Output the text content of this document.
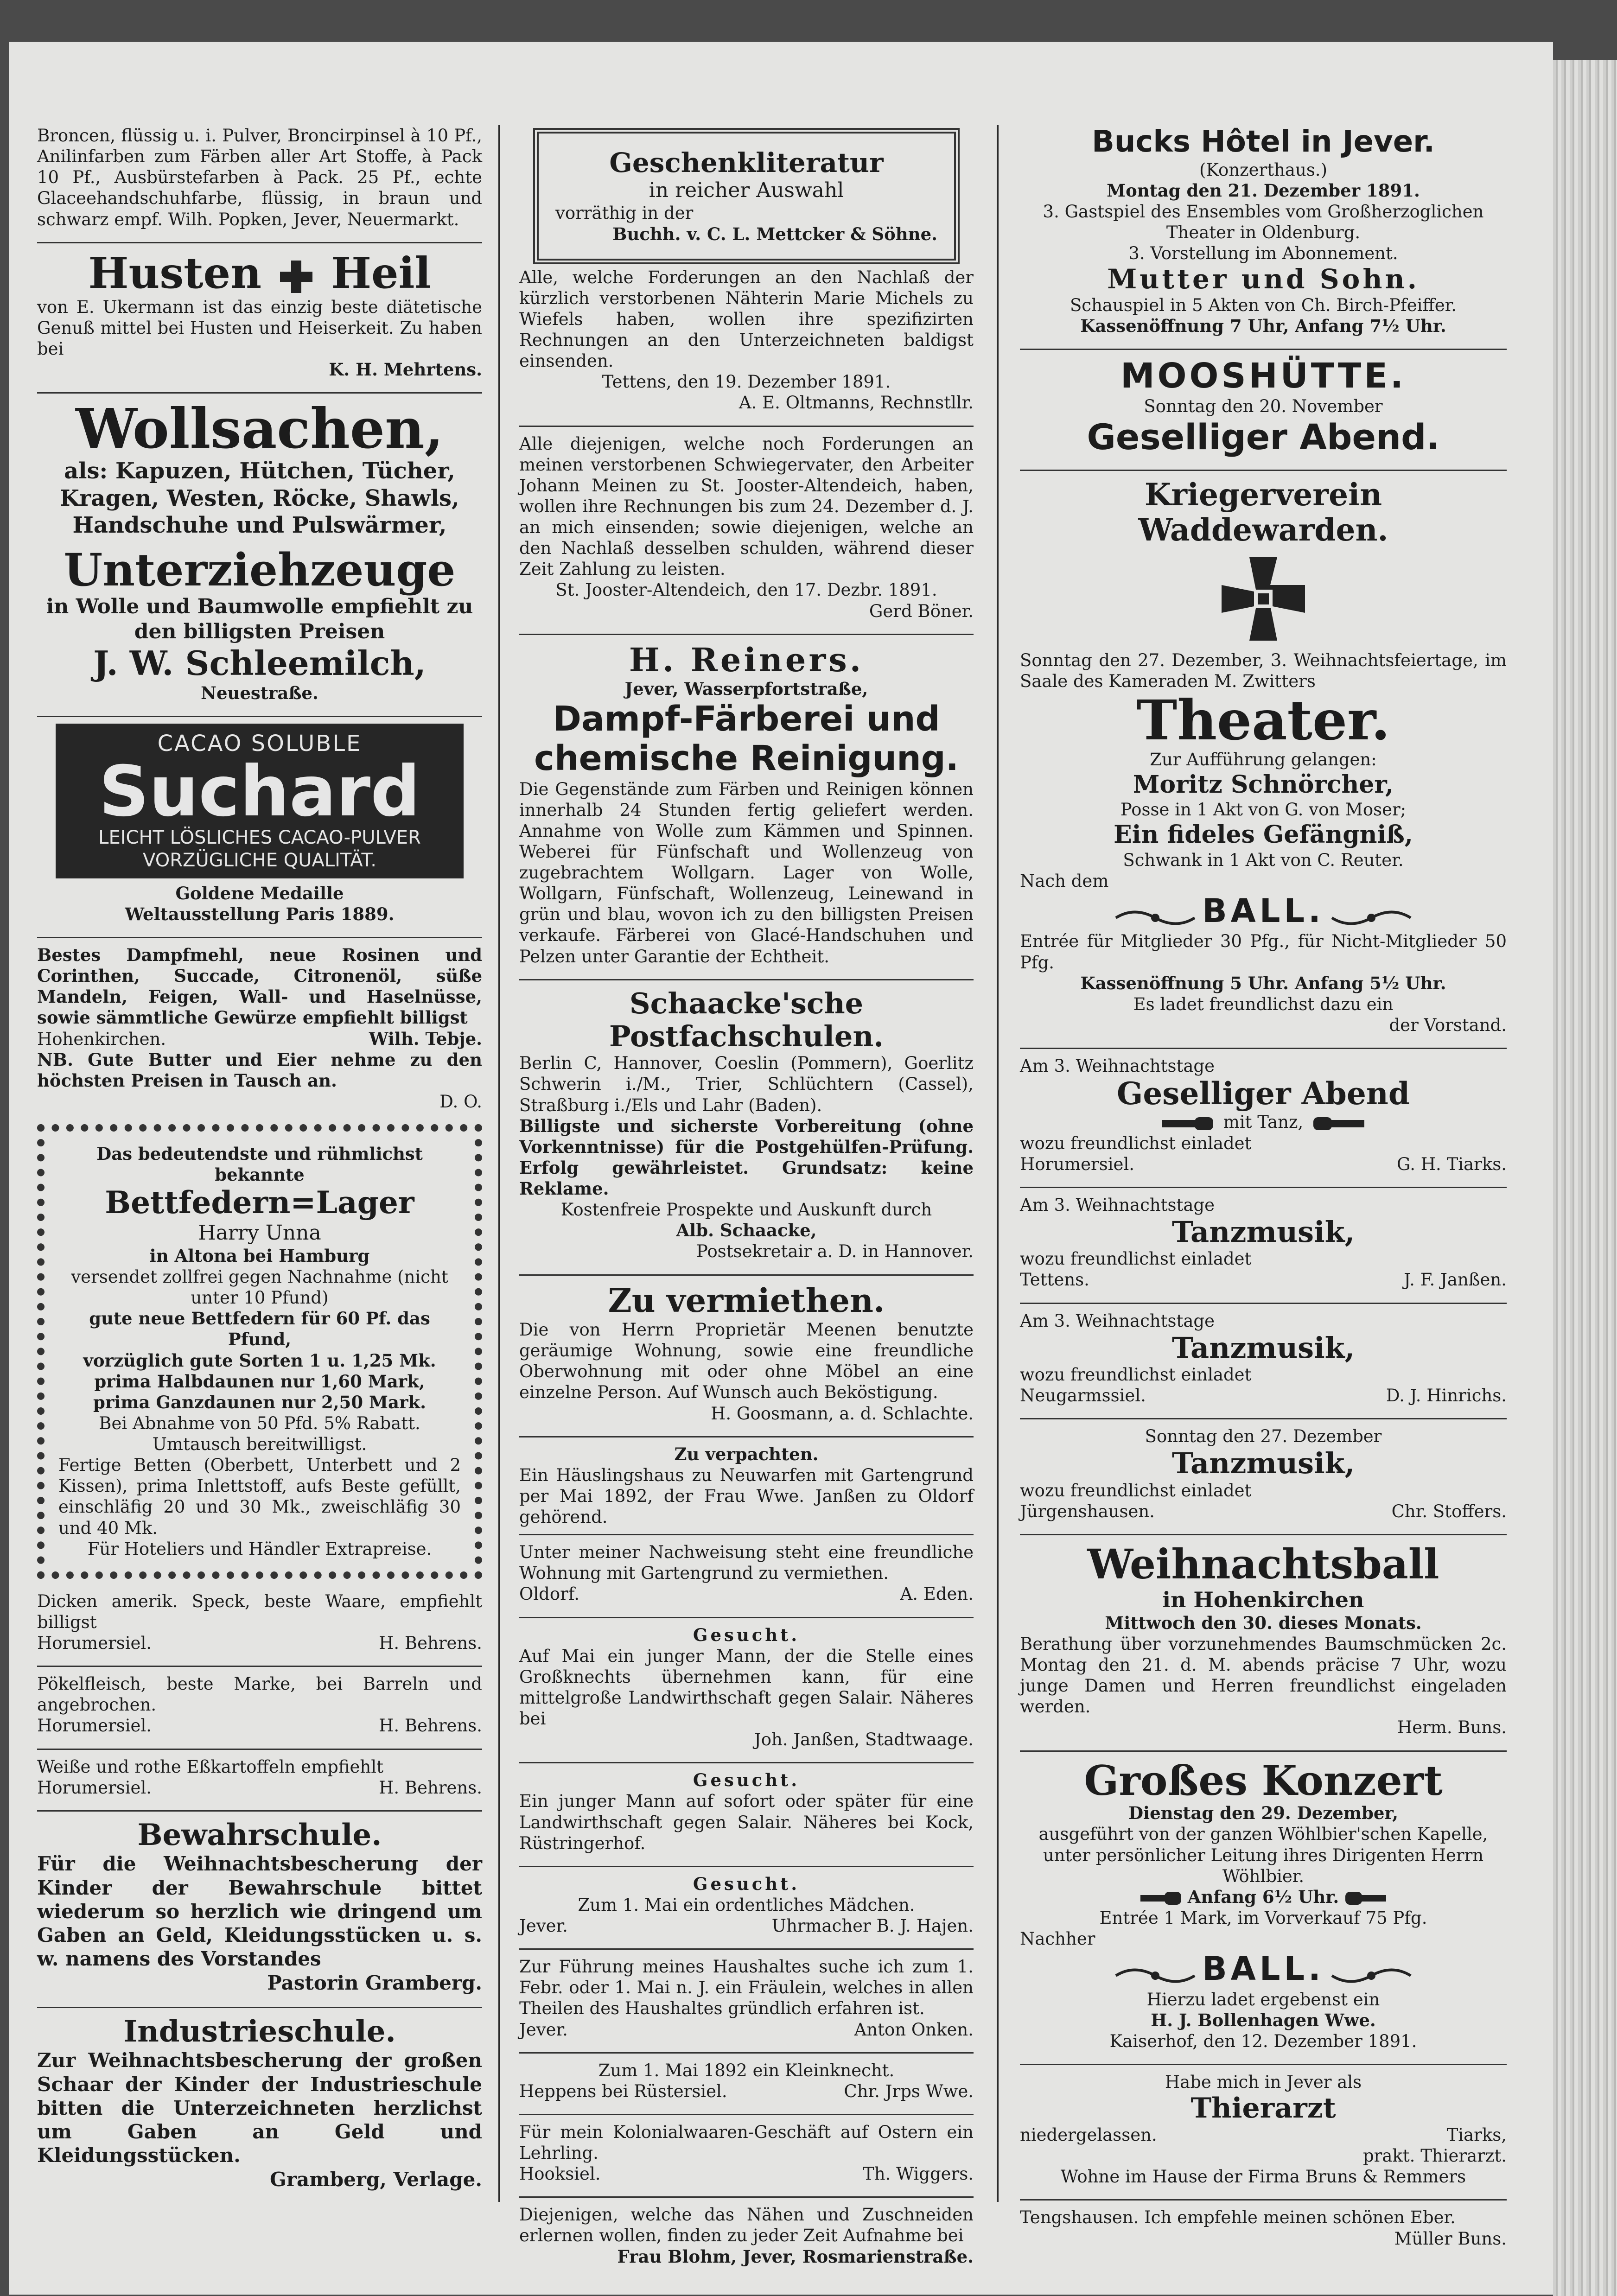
Broncen, flüssig u. i. Pulver, Broncirpinsel à 10 Pf., Anilinfarben zum Färben aller Art Stoffe, à Pack 10 Pf., Ausbürstefarben à Pack. 25 Pf., echte Glaceehandschuhfarbe, flüssig, in braun und schwarz empf. Wilh. Popken, Jever, Neuermarkt.

Husten Heil

von E. Ukermann ist das einzig beste diätetische Genuß mittel bei Husten und Heiserkeit. Zu haben bei

K. H. Mehrtens.

Wollsachen,

als: Kapuzen, Hütchen, Tücher, Kragen, Westen, Röcke, Shawls, Handschuhe und Pulswärmer,

Unterziehzeuge

in Wolle und Baumwolle empfiehlt zu den billigsten Preisen

J. W. Schleemilch,

Neuestraße.

CACAO SOLUBLE
Suchard
LEICHT LÖSLICHES CACAO-PULVER
VORZÜGLICHE QUALITÄT.

Goldene Medaille

Weltausstellung Paris 1889.

Bestes Dampfmehl, neue Rosinen und Corinthen, Succade, Citronenöl, süße Mandeln, Feigen, Wall- und Haselnüsse, sowie sämmtliche Gewürze empfiehlt billigst

Hohenkirchen.	Wilh. Tebje.

NB. Gute Butter und Eier nehme zu den höchsten Preisen in Tausch an.

D. O.

Das bedeutendste und rühmlichst bekannte

Bettfedern=Lager

Harry Unna

in Altona bei Hamburg

versendet zollfrei gegen Nachnahme (nicht unter 10 Pfund)

gute neue Bettfedern für 60 Pf. das Pfund,

vorzüglich gute Sorten 1 u. 1,25 Mk.

prima Halbdaunen nur 1,60 Mark,

prima Ganzdaunen nur 2,50 Mark.

Bei Abnahme von 50 Pfd. 5% Rabatt.

Umtausch bereitwilligst.

Fertige Betten (Oberbett, Unterbett und 2 Kissen), prima Inlettstoff, aufs Beste gefüllt, einschläfig 20 und 30 Mk., zweischläfig 30 und 40 Mk.

Für Hoteliers und Händler Extrapreise.

Dicken amerik. Speck, beste Waare, empfiehlt billigst

Horumersiel.	H. Behrens.

Pökelfleisch, beste Marke, bei Barreln und angebrochen.

Horumersiel.	H. Behrens.

Weiße und rothe Eßkartoffeln empfiehlt

Horumersiel.	H. Behrens.
Bewahrschule.

Für die Weihnachtsbescherung der Kinder der Bewahrschule bittet wiederum so herzlich wie dringend um Gaben an Geld, Kleidungsstücken u. s. w. namens des Vorstandes

Pastorin Gramberg.

Industrieschule.

Zur Weihnachtsbescherung der großen Schaar der Kinder der Industrieschule bitten die Unterzeichneten herzlichst um Gaben an Geld und Kleidungsstücken.

Gramberg, Verlage.

Geschenkliteratur

in reicher Auswahl

vorräthig in der

Buchh. v. C. L. Mettcker & Söhne.

Alle, welche Forderungen an den Nachlaß der kürzlich verstorbenen Nähterin Marie Michels zu Wiefels haben, wollen ihre spezifizirten Rechnungen an den Unterzeichneten baldigst einsenden.

Tettens, den 19. Dezember 1891.

A. E. Oltmanns, Rechnstllr.

Alle diejenigen, welche noch Forderungen an meinen verstorbenen Schwiegervater, den Arbeiter Johann Meinen zu St. Jooster-Altendeich, haben, wollen ihre Rechnungen bis zum 24. Dezember d. J. an mich einsenden; sowie diejenigen, welche an den Nachlaß desselben schulden, während dieser Zeit Zahlung zu leisten.

St. Jooster-Altendeich, den 17. Dezbr. 1891.

Gerd Böner.

H. Reiners.

Jever, Wasserpfortstraße,

Dampf-Färberei und
chemische Reinigung.

Die Gegenstände zum Färben und Reinigen können innerhalb 24 Stunden fertig geliefert werden. Annahme von Wolle zum Kämmen und Spinnen. Weberei für Fünfschaft und Wollenzeug von zugebrachtem Wollgarn. Lager von Wolle, Wollgarn, Fünfschaft, Wollenzeug, Leinewand in grün und blau, wovon ich zu den billigsten Preisen verkaufe. Färberei von Glacé-Handschuhen und Pelzen unter Garantie der Echtheit.

Schaacke'sche Postfachschulen.

Berlin C, Hannover, Coeslin (Pommern), Goerlitz Schwerin i./M., Trier, Schlüchtern (Cassel), Straßburg i./Els und Lahr (Baden).

Billigste und sicherste Vorbereitung (ohne Vorkenntnisse) für die Postgehülfen-Prüfung. Erfolg gewährleistet. Grundsatz: keine Reklame.

Kostenfreie Prospekte und Auskunft durch

Alb. Schaacke,

Postsekretair a. D. in Hannover.

Zu vermiethen.

Die von Herrn Proprietär Meenen benutzte geräumige Wohnung, sowie eine freundliche Oberwohnung mit oder ohne Möbel an eine einzelne Person. Auf Wunsch auch Beköstigung.

H. Goosmann, a. d. Schlachte.

Zu verpachten.

Ein Häuslingshaus zu Neuwarfen mit Gartengrund per Mai 1892, der Frau Wwe. Janßen zu Oldorf gehörend.

Unter meiner Nachweisung steht eine freundliche Wohnung mit Gartengrund zu vermiethen.

Oldorf.	A. Eden.

Gesucht.

Auf Mai ein junger Mann, der die Stelle eines Großknechts übernehmen kann, für eine mittelgroße Landwirthschaft gegen Salair. Näheres bei

Joh. Janßen, Stadtwaage.

Gesucht.

Ein junger Mann auf sofort oder später für eine Landwirthschaft gegen Salair. Näheres bei Kock, Rüstringerhof.

Gesucht.

Zum 1. Mai ein ordentliches Mädchen.

Jever.	Uhrmacher B. J. Hajen.

Zur Führung meines Haushaltes suche ich zum 1. Febr. oder 1. Mai n. J. ein Fräulein, welches in allen Theilen des Haushaltes gründlich erfahren ist.

Jever.	Anton Onken.

Zum 1. Mai 1892 ein Kleinknecht.

Heppens bei Rüstersiel.	Chr. Jrps Wwe.

Für mein Kolonialwaaren-Geschäft auf Ostern ein Lehrling.

Hooksiel.	Th. Wiggers.

Diejenigen, welche das Nähen und Zuschneiden erlernen wollen, finden zu jeder Zeit Aufnahme bei

Frau Blohm, Jever, Rosmarienstraße.

Bucks Hôtel in Jever.

(Konzerthaus.)

Montag den 21. Dezember 1891.

3. Gastspiel des Ensembles vom Großherzoglichen Theater in Oldenburg.

3. Vorstellung im Abonnement.

Mutter und Sohn.

Schauspiel in 5 Akten von Ch. Birch-Pfeiffer.

Kassenöffnung 7 Uhr, Anfang 7½ Uhr.

MOOSHÜTTE.

Sonntag den 20. November

Geselliger Abend.
Kriegerverein Waddewarden.

Sonntag den 27. Dezember, 3. Weihnachtsfeiertage, im Saale des Kameraden M. Zwitters

Theater.

Zur Aufführung gelangen:

Moritz Schnörcher,

Posse in 1 Akt von G. von Moser;

Ein fideles Gefängniß,

Schwank in 1 Akt von C. Reuter.

Nach dem

BALL.

Entrée für Mitglieder 30 Pfg., für Nicht-Mitglieder 50 Pfg.

Kassenöffnung 5 Uhr. Anfang 5½ Uhr.

Es ladet freundlichst dazu ein

der Vorstand.

Am 3. Weihnachtstage

Geselliger Abend
mit Tanz,

wozu freundlichst einladet

Horumersiel.	G. H. Tiarks.

Am 3. Weihnachtstage

Tanzmusik,

wozu freundlichst einladet

Tettens.	J. F. Janßen.

Am 3. Weihnachtstage

Tanzmusik,

wozu freundlichst einladet

Neugarmssiel.	D. J. Hinrichs.

Sonntag den 27. Dezember

Tanzmusik,

wozu freundlichst einladet

Jürgenshausen.	Chr. Stoffers.
Weihnachtsball

in Hohenkirchen

Mittwoch den 30. dieses Monats.

Berathung über vorzunehmendes Baumschmücken 2c. Montag den 21. d. M. abends präcise 7 Uhr, wozu junge Damen und Herren freundlichst eingeladen werden.

Herm. Buns.

Großes Konzert

Dienstag den 29. Dezember,

ausgeführt von der ganzen Wöhlbier'schen Kapelle, unter persönlicher Leitung ihres Dirigenten Herrn Wöhlbier.

Anfang 6½ Uhr.

Entrée 1 Mark, im Vorverkauf 75 Pfg.

Nachher

BALL.

Hierzu ladet ergebenst ein

H. J. Bollenhagen Wwe.

Kaiserhof, den 12. Dezember 1891.

Habe mich in Jever als

Thierarzt
niedergelassen.	Tiarks,

prakt. Thierarzt.

Wohne im Hause der Firma Bruns & Remmers

Tengshausen. Ich empfehle meinen schönen Eber.

Müller Buns.
